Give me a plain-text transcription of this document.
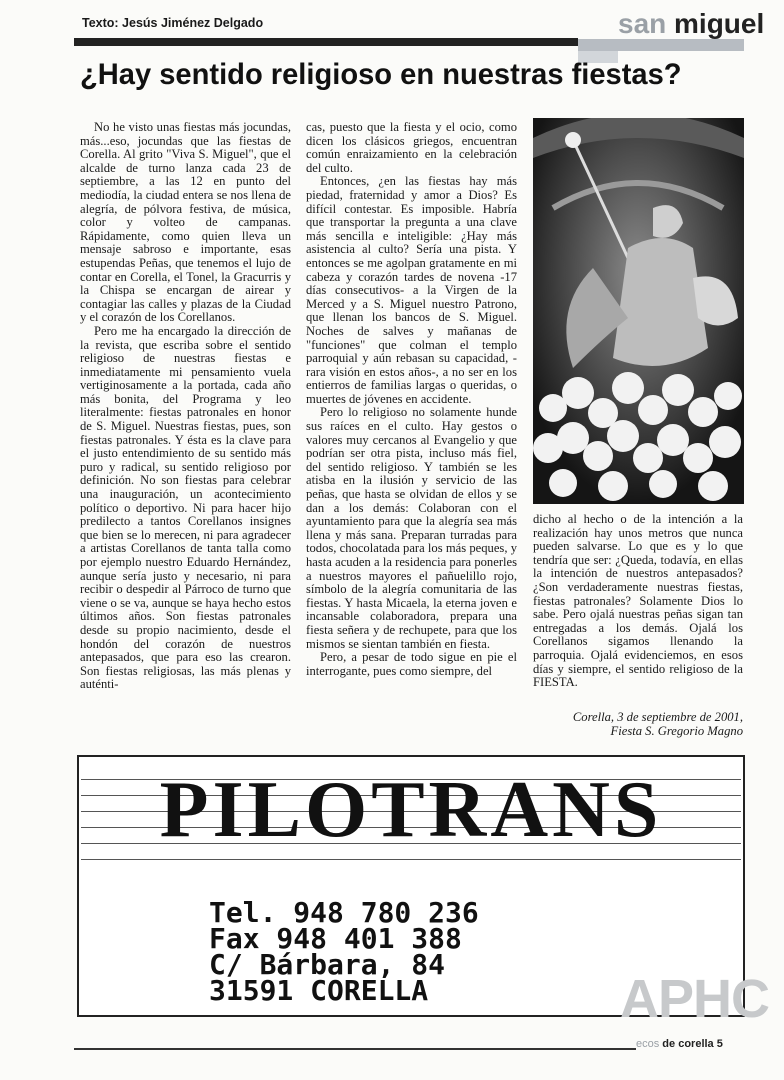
Texto: Jesús Jiménez Delgado	san miguel
¿Hay sentido religioso en nuestras fiestas?

No he visto unas fiestas más jocundas, más...eso, jocundas que las fiestas de Corella. Al grito "Viva S. Miguel", que el alcalde de turno lanza cada 23 de septiembre, a las 12 en punto del mediodía, la ciudad entera se nos llena de alegría, de pólvora festiva, de música, color y volteo de campanas. Rápidamente, como quien lleva un mensaje sabroso e importante, esas estupendas Peñas, que tenemos el lujo de contar en Corella, el Tonel, la Gracurris y la Chispa se encargan de airear y contagiar las calles y plazas de la Ciudad y el corazón de los Corellanos.

Pero me ha encargado la dirección de la revista, que escriba sobre el sentido religioso de nuestras fiestas e inmediatamente mi pensamiento vuela vertiginosamente a la portada, cada año más bonita, del Programa y leo literalmente: fiestas patronales en honor de S. Miguel. Nuestras fiestas, pues, son fiestas patronales. Y ésta es la clave para el justo entendimiento de su sentido más puro y radical, su sentido religioso por definición. No son fiestas para celebrar una inauguración, un acontecimiento político o deportivo. Ni para hacer hijo predilecto a tantos Corellanos insignes que bien se lo merecen, ni para agradecer a artistas Corellanos de tanta talla como por ejemplo nuestro Eduardo Hernández, aunque sería justo y necesario, ni para recibir o despedir al Párroco de turno que viene o se va, aunque se haya hecho estos últimos años. Son fiestas patronales desde su propio nacimiento, desde el hondón del corazón de nuestros antepasados, que para eso las crearon. Son fiestas religiosas, las más plenas y auténti-

cas, puesto que la fiesta y el ocio, como dicen los clásicos griegos, encuentran común enraizamiento en la celebración del culto.

Entonces, ¿en las fiestas hay más piedad, fraternidad y amor a Dios? Es difícil contestar. Es imposible. Habría que transportar la pregunta a una clave más sencilla e inteligible: ¿Hay más asistencia al culto? Sería una pista. Y entonces se me agolpan gratamente en mi cabeza y corazón tardes de novena -17 días consecutivos- a la Virgen de la Merced y a S. Miguel nuestro Patrono, que llenan los bancos de S. Miguel. Noches de salves y mañanas de "funciones" que colman el templo parroquial y aún rebasan su capacidad, - rara visión en estos años-, a no ser en los entierros de familias largas o queridas, o muertes de jóvenes en accidente.

Pero lo religioso no solamente hunde sus raíces en el culto. Hay gestos o valores muy cercanos al Evangelio y que podrían ser otra pista, incluso más fiel, del sentido religioso. Y también se les atisba en la ilusión y servicio de las peñas, que hasta se olvidan de ellos y se dan a los demás: Colaboran con el ayuntamiento para que la alegría sea más llena y más sana. Preparan turradas para todos, chocolatada para los más peques, y hasta acuden a la residencia para ponerles a nuestros mayores el pañuelillo rojo, símbolo de la alegría comunitaria de las fiestas. Y hasta Micaela, la eterna joven e incansable colaboradora, prepara una fiesta señera y de rechupete, para que los mismos se sientan también en fiesta.

Pero, a pesar de todo sigue en pie el interrogante, pues como siempre, del

dicho al hecho o de la intención a la realización hay unos metros que nunca pueden salvarse. Lo que es y lo que tendría que ser: ¿Queda, todavía, en ellas la intención de nuestros antepasados? ¿Son verdaderamente nuestras fiestas, fiestas patronales? Solamente Dios lo sabe. Pero ojalá nuestras peñas sigan tan entregadas a los demás. Ojalá los Corellanos sigamos llenando la parroquia. Ojalá evidenciemos, en esos días y siempre, el sentido religioso de la FIESTA.

Corella, 3 de septiembre de 2001,
Fiesta S. Gregorio Magno
PILOTRANS
Tel. 948 780 236
Fax 948 401 388
C/ Bárbara, 84
31591 CORELLA	APHC
ecos de corella 5
